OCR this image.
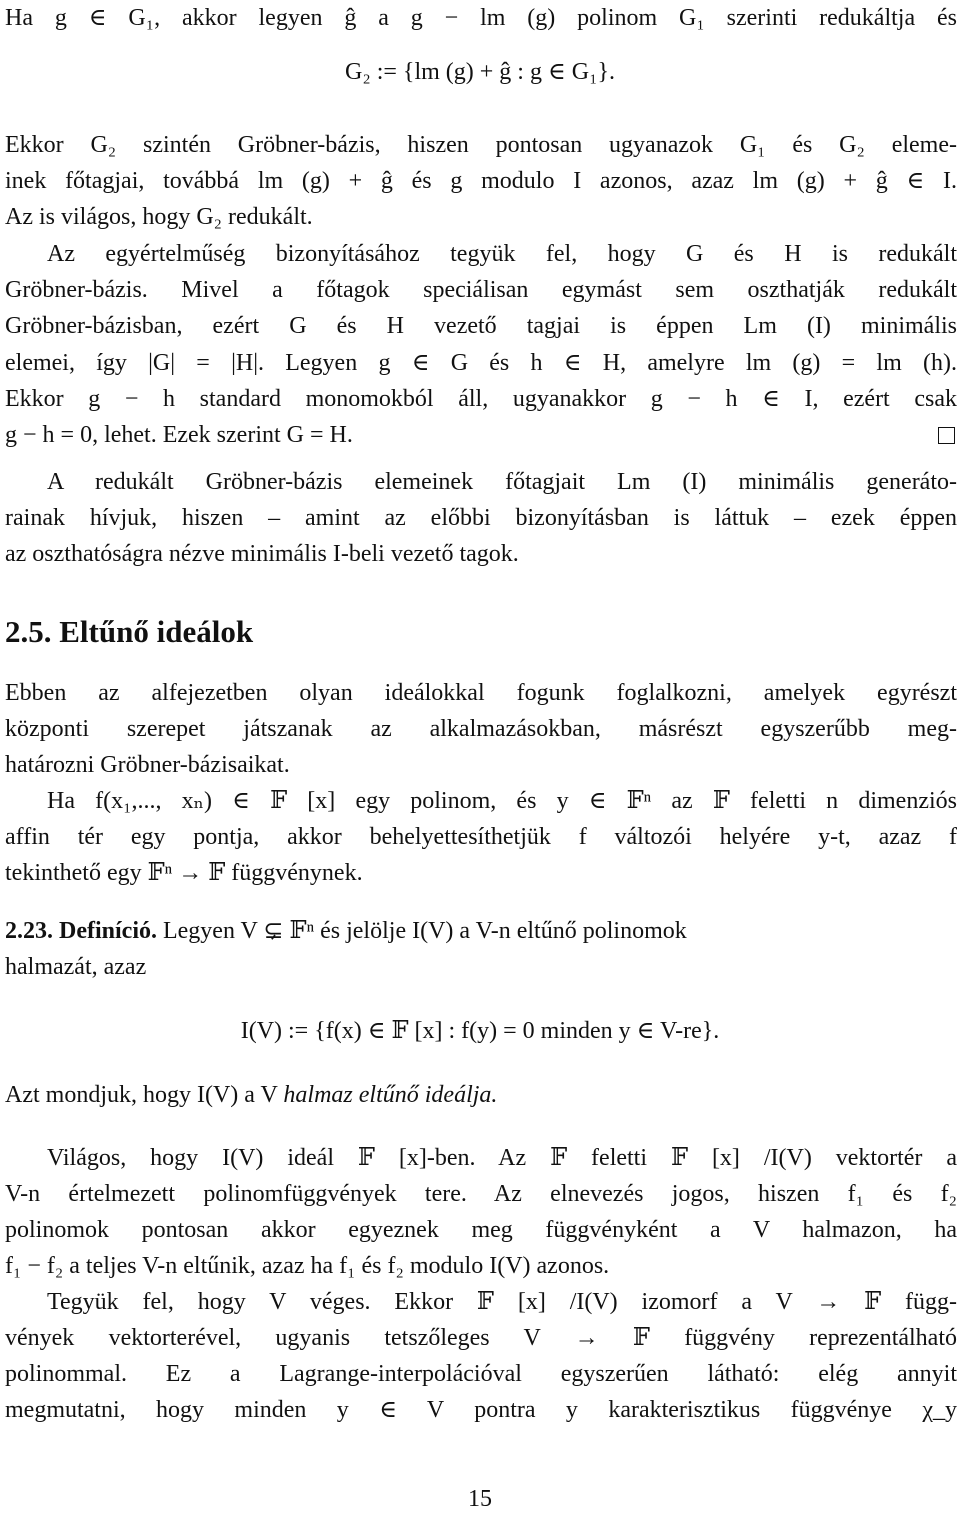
Ha g ∈ G₁, akkor legyen ĝ a g − lm (g) polinom G₁ szerinti redukáltja és
G₂ := {lm (g) + ĝ : g ∈ G₁}.
Ekkor G₂ szintén Gröbner-bázis, hiszen pontosan ugyanazok G₁ és G₂ eleme-
inek főtagjai, továbbá lm (g) + ĝ és g modulo I azonos, azaz lm (g) + ĝ ∈ I.
Az is világos, hogy G₂ redukált.
Az egyértelműség bizonyításához tegyük fel, hogy G és H is redukált
Gröbner-bázis. Mivel a főtagok speciálisan egymást sem oszthatják redukált
Gröbner-bázisban, ezért G és H vezető tagjai is éppen Lm (I) minimális
elemei, így |G| = |H|. Legyen g ∈ G és h ∈ H, amelyre lm (g) = lm (h).
Ekkor g − h standard monomokból áll, ugyanakkor g − h ∈ I, ezért csak
g − h = 0, lehet. Ezek szerint G = H.
A redukált Gröbner-bázis elemeinek főtagjait Lm (I) minimális generáto-
rainak hívjuk, hiszen – amint az előbbi bizonyításban is láttuk – ezek éppen
az oszthatóságra nézve minimális I-beli vezető tagok.
2.5. Eltűnő ideálok
Ebben az alfejezetben olyan ideálokkal fogunk foglalkozni, amelyek egyrészt
központi szerepet játszanak az alkalmazásokban, másrészt egyszerűbb meg-
határozni Gröbner-bázisaikat.
Ha f(x₁,..., xₙ) ∈ 𝔽 [x] egy polinom, és y ∈ 𝔽ⁿ az 𝔽 feletti n dimenziós
affin tér egy pontja, akkor behelyettesíthetjük f változói helyére y-t, azaz f
tekinthető egy 𝔽ⁿ → 𝔽 függvénynek.
2.23. Definíció. Legyen V ⊊ 𝔽ⁿ és jelölje I(V) a V-n eltűnő polinomok
halmazát, azaz
I(V) := {f(x) ∈ 𝔽 [x] : f(y) = 0 minden y ∈ V-re}.
Azt mondjuk, hogy I(V) a V halmaz eltűnő ideálja.
Világos, hogy I(V) ideál 𝔽 [x]-ben. Az 𝔽 feletti 𝔽 [x] /I(V) vektortér a
V-n értelmezett polinomfüggvények tere. Az elnevezés jogos, hiszen f₁ és f₂
polinomok pontosan akkor egyeznek meg függvényként a V halmazon, ha
f₁ − f₂ a teljes V-n eltűnik, azaz ha f₁ és f₂ modulo I(V) azonos.
Tegyük fel, hogy V véges. Ekkor 𝔽 [x] /I(V) izomorf a V → 𝔽 függ-
vények vektorterével, ugyanis tetszőleges V → 𝔽 függvény reprezentálható
polinommal. Ez a Lagrange-interpolációval egyszerűen látható: elég annyit
megmutatni, hogy minden y ∈ V pontra y karakterisztikus függvénye χ_y
15
